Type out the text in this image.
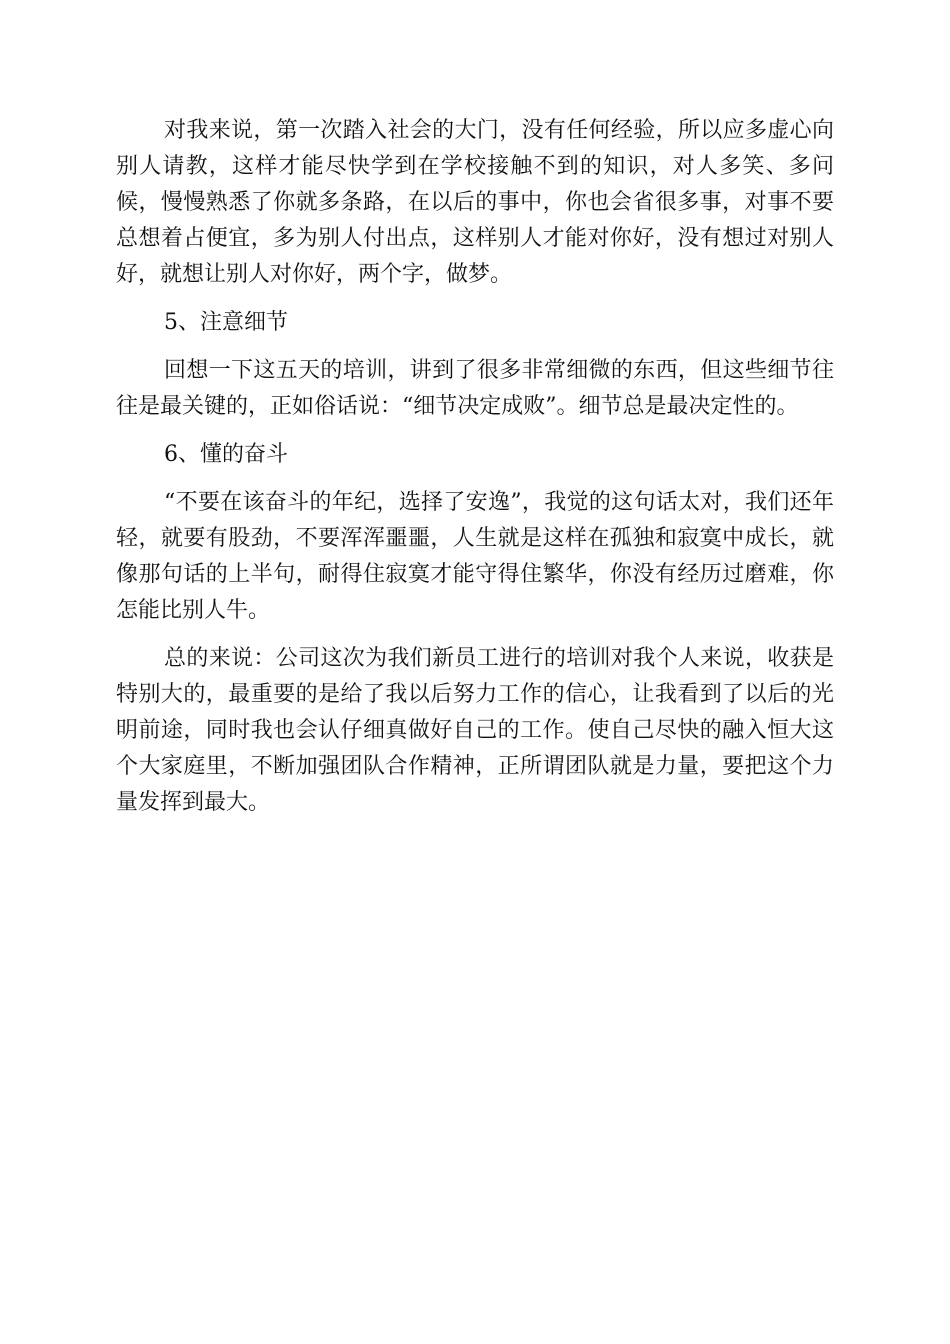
对我来说，第一次踏入社会的大门，没有任何经验，所以应多虚心向别人请教，这样才能尽快学到在学校接触不到的知识，对人多笑、多问候，慢慢熟悉了你就多条路，在以后的事中，你也会省很多事，对事不要总想着占便宜，多为别人付出点，这样别人才能对你好，没有想过对别人好，就想让别人对你好，两个字，做梦。

5、注意细节

回想一下这五天的培训，讲到了很多非常细微的东西，但这些细节往往是最关键的，正如俗话说：“细节决定成败”。细节总是最决定性的。

6、懂的奋斗

“不要在该奋斗的年纪，选择了安逸”，我觉的这句话太对，我们还年轻，就要有股劲，不要浑浑噩噩，人生就是这样在孤独和寂寞中成长，就像那句话的上半句，耐得住寂寞才能守得住繁华，你没有经历过磨难，你怎能比别人牛。

总的来说：公司这次为我们新员工进行的培训对我个人来说，收获是特别大的，最重要的是给了我以后努力工作的信心，让我看到了以后的光明前途，同时我也会认仔细真做好自己的工作。使自己尽快的融入恒大这个大家庭里，不断加强团队合作精神，正所谓团队就是力量，要把这个力量发挥到最大。
